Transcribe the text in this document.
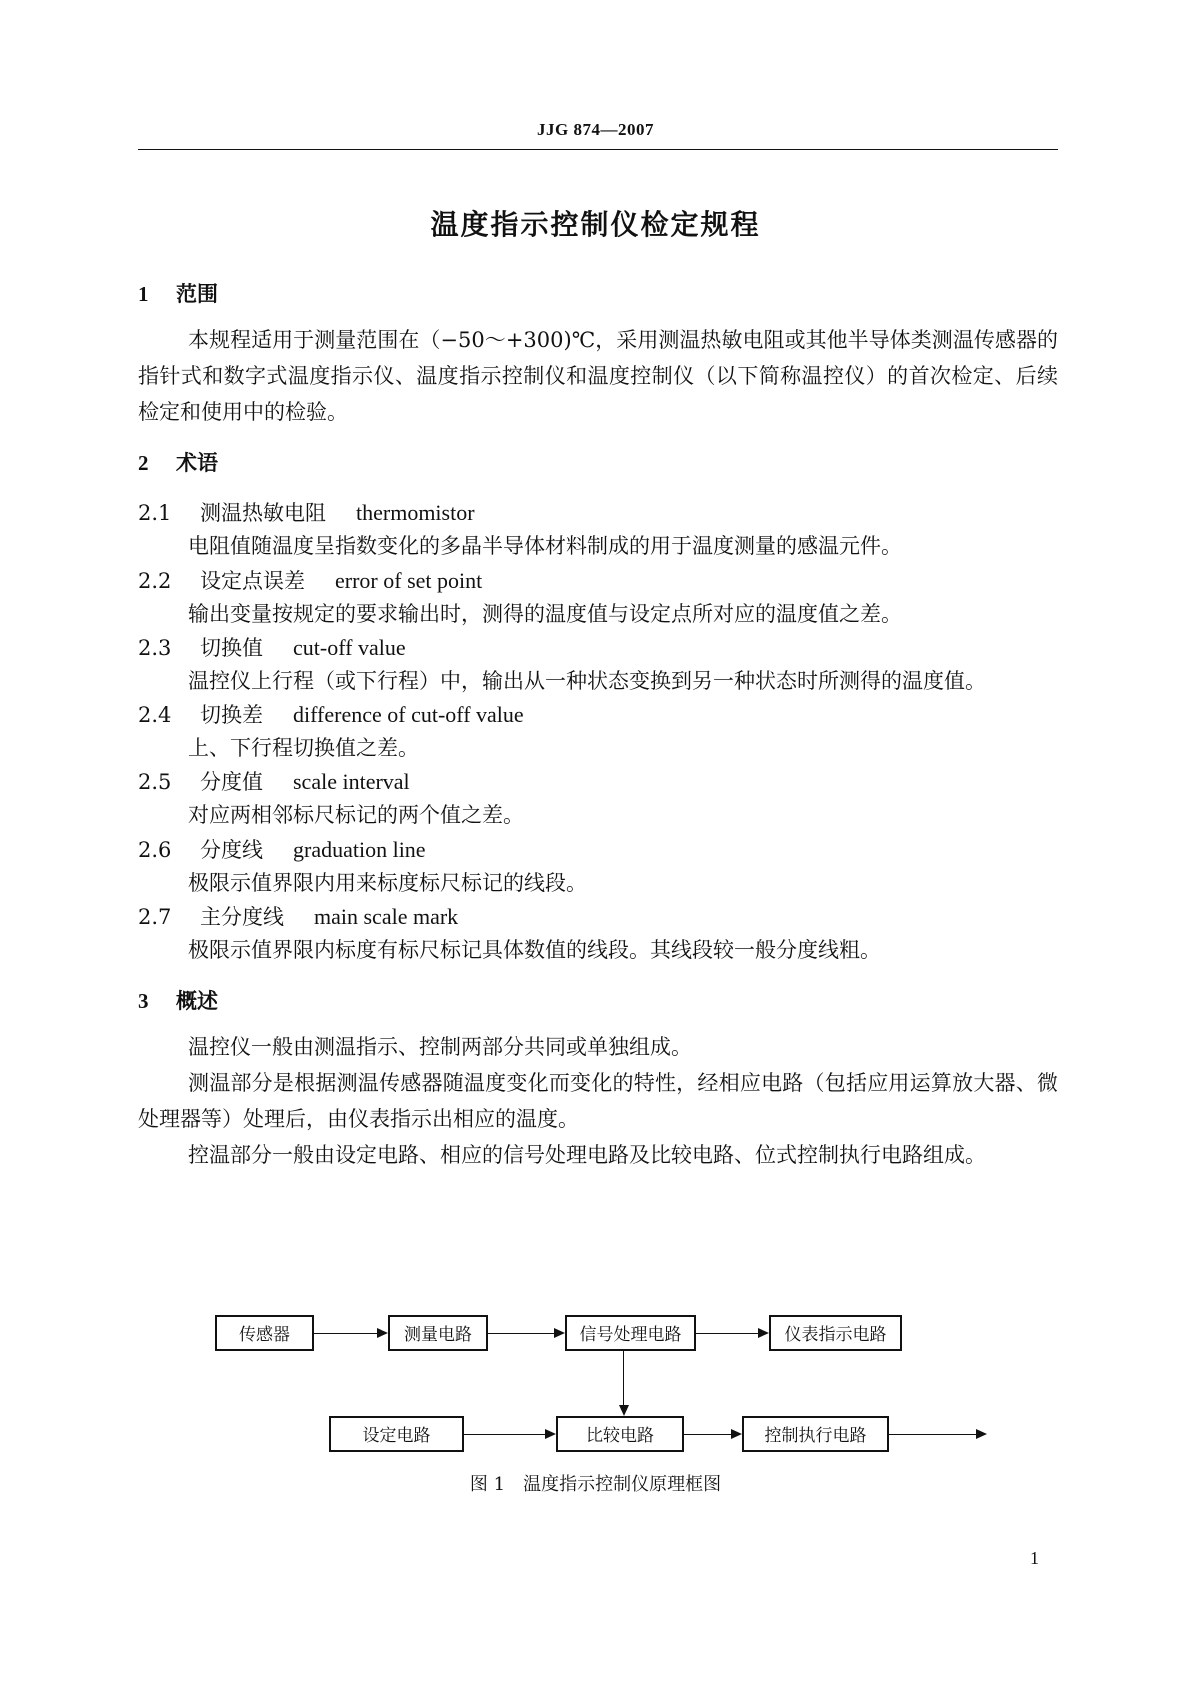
JJG 874—2007
温度指示控制仪检定规程
1 范围
本规程适用于测量范围在（−50～+300)℃，采用测温热敏电阻或其他半导体类测温传感器的指针式和数字式温度指示仪、温度指示控制仪和温度控制仪（以下简称温控仪）的首次检定、后续检定和使用中的检验。
2 术语
2.1 测温热敏电阻 thermomistor
电阻值随温度呈指数变化的多晶半导体材料制成的用于温度测量的感温元件。
2.2 设定点误差 error of set point
输出变量按规定的要求输出时，测得的温度值与设定点所对应的温度值之差。
2.3 切换值 cut-off value
温控仪上行程（或下行程）中，输出从一种状态变换到另一种状态时所测得的温度值。
2.4 切换差 difference of cut-off value
上、下行程切换值之差。
2.5 分度值 scale interval
对应两相邻标尺标记的两个值之差。
2.6 分度线 graduation line
极限示值界限内用来标度标尺标记的线段。
2.7 主分度线 main scale mark
极限示值界限内标度有标尺标记具体数值的线段。其线段较一般分度线粗。
3 概述
温控仪一般由测温指示、控制两部分共同或单独组成。
测温部分是根据测温传感器随温度变化而变化的特性，经相应电路（包括应用运算放大器、微处理器等）处理后，由仪表指示出相应的温度。
控温部分一般由设定电路、相应的信号处理电路及比较电路、位式控制执行电路组成。
传感器	测量电路	信号处理电路	仪表指示电路
设定电路	比较电路	控制执行电路
图 1　温度指示控制仪原理框图
1
